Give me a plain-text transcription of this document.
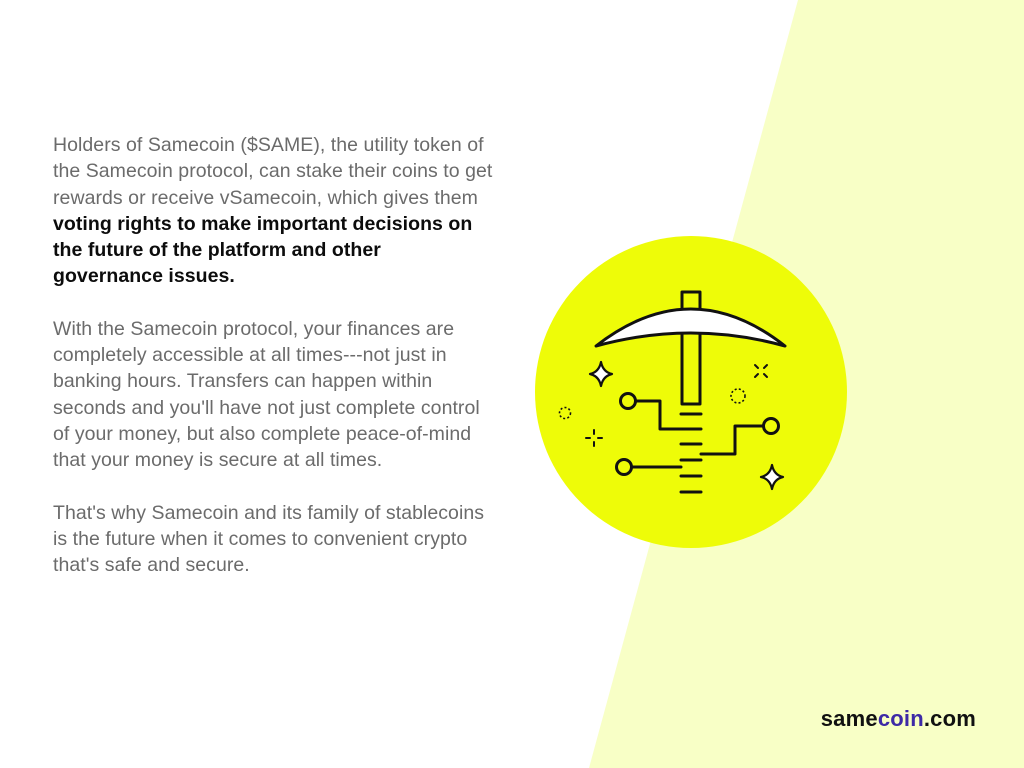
Holders of Samecoin ($SAME), the utility token of the Samecoin protocol, can stake their coins to get rewards or receive vSamecoin, which gives them voting rights to make important decisions on the future of the platform and other governance issues.

With the Samecoin protocol, your finances are completely accessible at all times---not just in banking hours. Transfers can happen within seconds and you'll have not just complete control of your money, but also complete peace-of-mind that your money is secure at all times.

That's why Samecoin and its family of stablecoins is the future when it comes to convenient crypto that's safe and secure.

samecoin.com
